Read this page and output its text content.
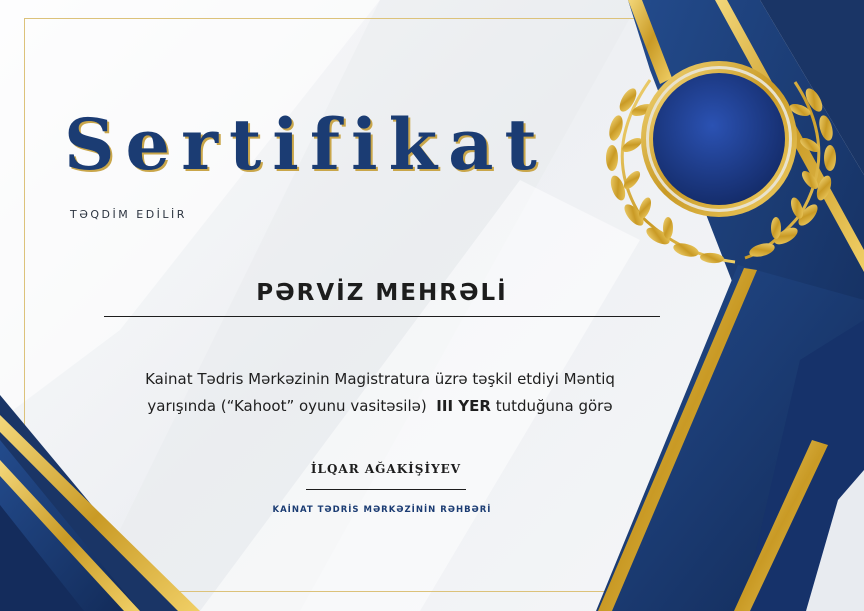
Sertifikat
TƏQDİM EDİLİR
PƏRVİZ MEHRƏLİ
Kainat Tədris Mərkəzinin Magistratura üzrə təşkil etdiyi Məntiq
yarışında (“Kahoot” oyunu vasitəsilə) III YER tutduğuna görə
İLQAR AĞAKİŞİYEV
KAİNAT TƏDRİS MƏRKƏZİNİN RƏHBƏRİ
